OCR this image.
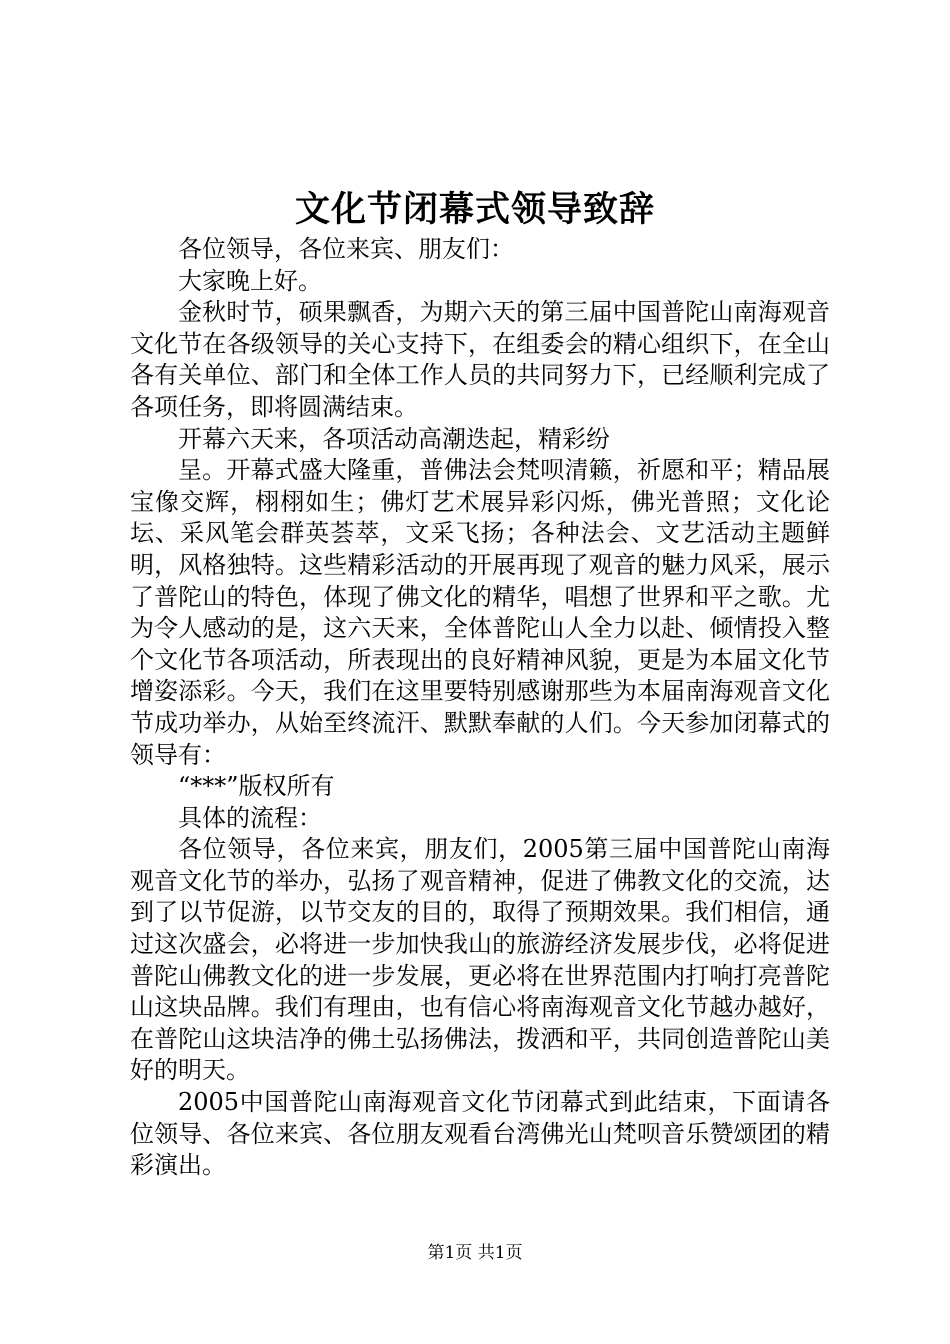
文化节闭幕式领导致辞

各位领导，各位来宾、朋友们：

大家晚上好。

金秋时节，硕果飘香，为期六天的第三届中国普陀山南海观音文化节在各级领导的关心支持下，在组委会的精心组织下，在全山各有关单位、部门和全体工作人员的共同努力下，已经顺利完成了各项任务，即将圆满结束。

开幕六天来，各项活动高潮迭起，精彩纷

呈。开幕式盛大隆重，普佛法会梵呗清籁，祈愿和平；精品展宝像交辉，栩栩如生；佛灯艺术展异彩闪烁，佛光普照；文化论坛、采风笔会群英荟萃，文采飞扬；各种法会、文艺活动主题鲜明，风格独特。这些精彩活动的开展再现了观音的魅力风采，展示了普陀山的特色，体现了佛文化的精华，唱想了世界和平之歌。尤为令人感动的是，这六天来，全体普陀山人全力以赴、倾情投入整个文化节各项活动，所表现出的良好精神风貌，更是为本届文化节增姿添彩。今天，我们在这里要特别感谢那些为本届南海观音文化节成功举办，从始至终流汗、默默奉献的人们。今天参加闭幕式的领导有：

“***”版权所有

具体的流程：

各位领导，各位来宾，朋友们，2005第三届中国普陀山南海观音文化节的举办，弘扬了观音精神，促进了佛教文化的交流，达到了以节促游，以节交友的目的，取得了预期效果。我们相信，通过这次盛会，必将进一步加快我山的旅游经济发展步伐，必将促进普陀山佛教文化的进一步发展，更必将在世界范围内打响打亮普陀山这块品牌。我们有理由，也有信心将南海观音文化节越办越好，在普陀山这块洁净的佛土弘扬佛法，拨洒和平，共同创造普陀山美好的明天。

2005中国普陀山南海观音文化节闭幕式到此结束，下面请各位领导、各位来宾、各位朋友观看台湾佛光山梵呗音乐赞颂团的精彩演出。

第1页 共1页
